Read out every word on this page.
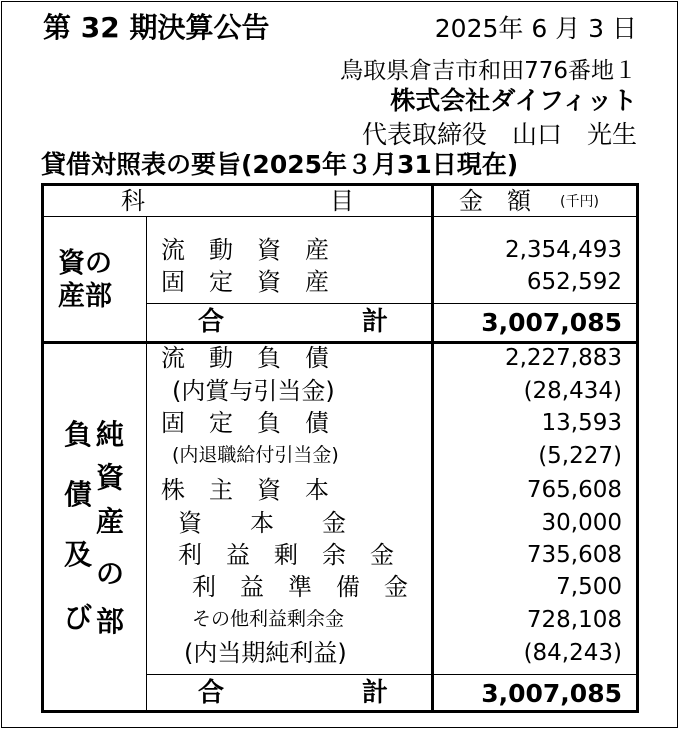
第 32 期決算公告	2025年 6 月 3 日
鳥取県倉吉市和田776番地１
株式会社ダイフィット
代表取締役　山口　光生
貸借対照表の要旨(2025年３月31日現在)
科	目	金　額 (千円)
資の
産部
流　動　資　産	2,354,493
固　定　資　産	652,592
合	計	3,007,085
負
債
及
び
純
資
産
の
部
流　動　負　債	2,227,883
(内賞与引当金)	(28,434)
固　定　負　債	13,593
(内退職給付引当金)	(5,227)
株　主　資　本	765,608
資　　本　　金	30,000
利　益　剰　余　金	735,608
利　益　準　備　金	7,500
その他利益剰余金	728,108
(内当期純利益)	(84,243)
合	計	3,007,085
